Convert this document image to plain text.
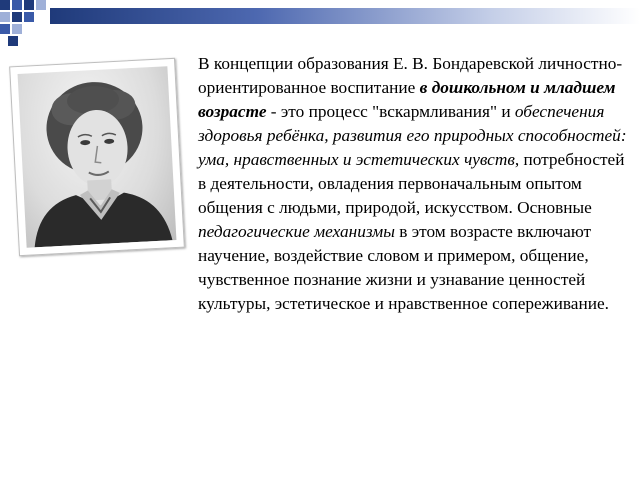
В концепции образования Е. В. Бондаревской личностно-ориентированное воспитание в дошкольном и младшем возрасте - это процесс "вскармливания" и обеспечения здоровья ребёнка, развития его природных способностей: ума, нравственных и эстетических чувств, потребностей в деятельности, овладения первоначальным опытом общения с людьми, природой, искусством. Основные педагогические механизмы в этом возрасте включают научение, воздействие словом и примером, общение, чувственное познание жизни и узнавание ценностей культуры, эстетическое и нравственное сопереживание.
